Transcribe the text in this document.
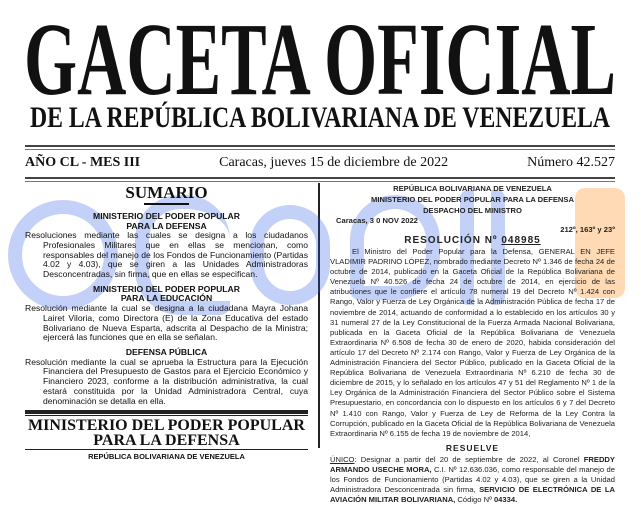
GACETA OFICIAL
DE LA REPÚBLICA BOLIVARIANA DE VENEZUELA
AÑO CL - MES III	Caracas, jueves 15 de diciembre de 2022	Número 42.527
SUMARIO
MINISTERIO DEL PODER POPULAR
PARA LA DEFENSA
Resoluciones mediante las cuales se designa a los ciudadanos Profesionales Militares que en ellas se mencionan, como responsables del manejo de los Fondos de Funcionamiento (Partidas 4.02 y 4.03), que se giren a las Unidades Administradoras Desconcentradas, sin firma, que en ellas se especifican.
MINISTERIO DEL PODER POPULAR
PARA LA EDUCACIÓN
Resolución mediante la cual se designa a la ciudadana Mayra Johana Lairet Viloria, como Directora (E) de la Zona Educativa del estado Bolivariano de Nueva Esparta, adscrita al Despacho de la Ministra; ejercerá las funciones que en ella se señalan.
DEFENSA PÚBLICA
Resolución mediante la cual se aprueba la Estructura para la Ejecución Financiera del Presupuesto de Gastos para el Ejercicio Económico y Financiero 2023, conforme a la distribución administrativa, la cual estará constituida por la Unidad Administradora Central, cuya denominación se detalla en ella.
MINISTERIO DEL PODER POPULAR
PARA LA DEFENSA
REPÚBLICA BOLIVARIANA DE VENEZUELA
REPÚBLICA BOLIVARIANA DE VENEZUELA
MINISTERIO DEL PODER POPULAR PARA LA DEFENSA
DESPACHO DEL MINISTRO
Caracas, 3 0 NOV 2022
212º, 163º y 23º
RESOLUCIÓN Nº 048985
El Ministro del Poder Popular para la Defensa, GENERAL EN JEFE VLADIMIR PADRINO LÓPEZ, nombrado mediante Decreto Nº 1.346 de fecha 24 de octubre de 2014, publicado en la Gaceta Oficial de la República Bolivariana de Venezuela Nº 40.526 de fecha 24 de octubre de 2014, en ejercicio de las atribuciones que le confiere el artículo 78 numeral 19 del Decreto Nº 1.424 con Rango, Valor y Fuerza de Ley Orgánica de la Administración Pública de fecha 17 de noviembre de 2014, actuando de conformidad a lo establecido en los artículos 30 y 31 numeral 27 de la Ley Constitucional de la Fuerza Armada Nacional Bolivariana, publicada en la Gaceta Oficial de la República Bolivariana de Venezuela Extraordinaria Nº 6.508 de fecha 30 de enero de 2020, habida consideración del artículo 17 del Decreto Nº 2.174 con Rango, Valor y Fuerza de Ley Orgánica de la Administración Financiera del Sector Público, publicado en la Gaceta Oficial de la República Bolivariana de Venezuela Extraordinaria Nº 6.210 de fecha 30 de diciembre de 2015, y lo señalado en los artículos 47 y 51 del Reglamento Nº 1 de la Ley Orgánica de la Administración Financiera del Sector Público sobre el Sistema Presupuestario, en concordancia con lo dispuesto en los artículos 6 y 7 del Decreto Nº 1.410 con Rango, Valor y Fuerza de Ley de Reforma de la Ley Contra la Corrupción, publicado en la Gaceta Oficial de la República Bolivariana de Venezuela Extraordinaria Nº 6.155 de fecha 19 de noviembre de 2014,
RESUELVE
ÚNICO: Designar a partir del 20 de septiembre de 2022, al Coronel FREDDY ARMANDO USECHE MORA, C.I. Nº 12.636.036, como responsable del manejo de los Fondos de Funcionamiento (Partidas 4.02 y 4.03), que se giren a la Unidad Administradora Desconcentrada sin firma, SERVICIO DE ELECTRÓNICA DE LA AVIACIÓN MILITAR BOLIVARIANA, Código Nº 04334.
